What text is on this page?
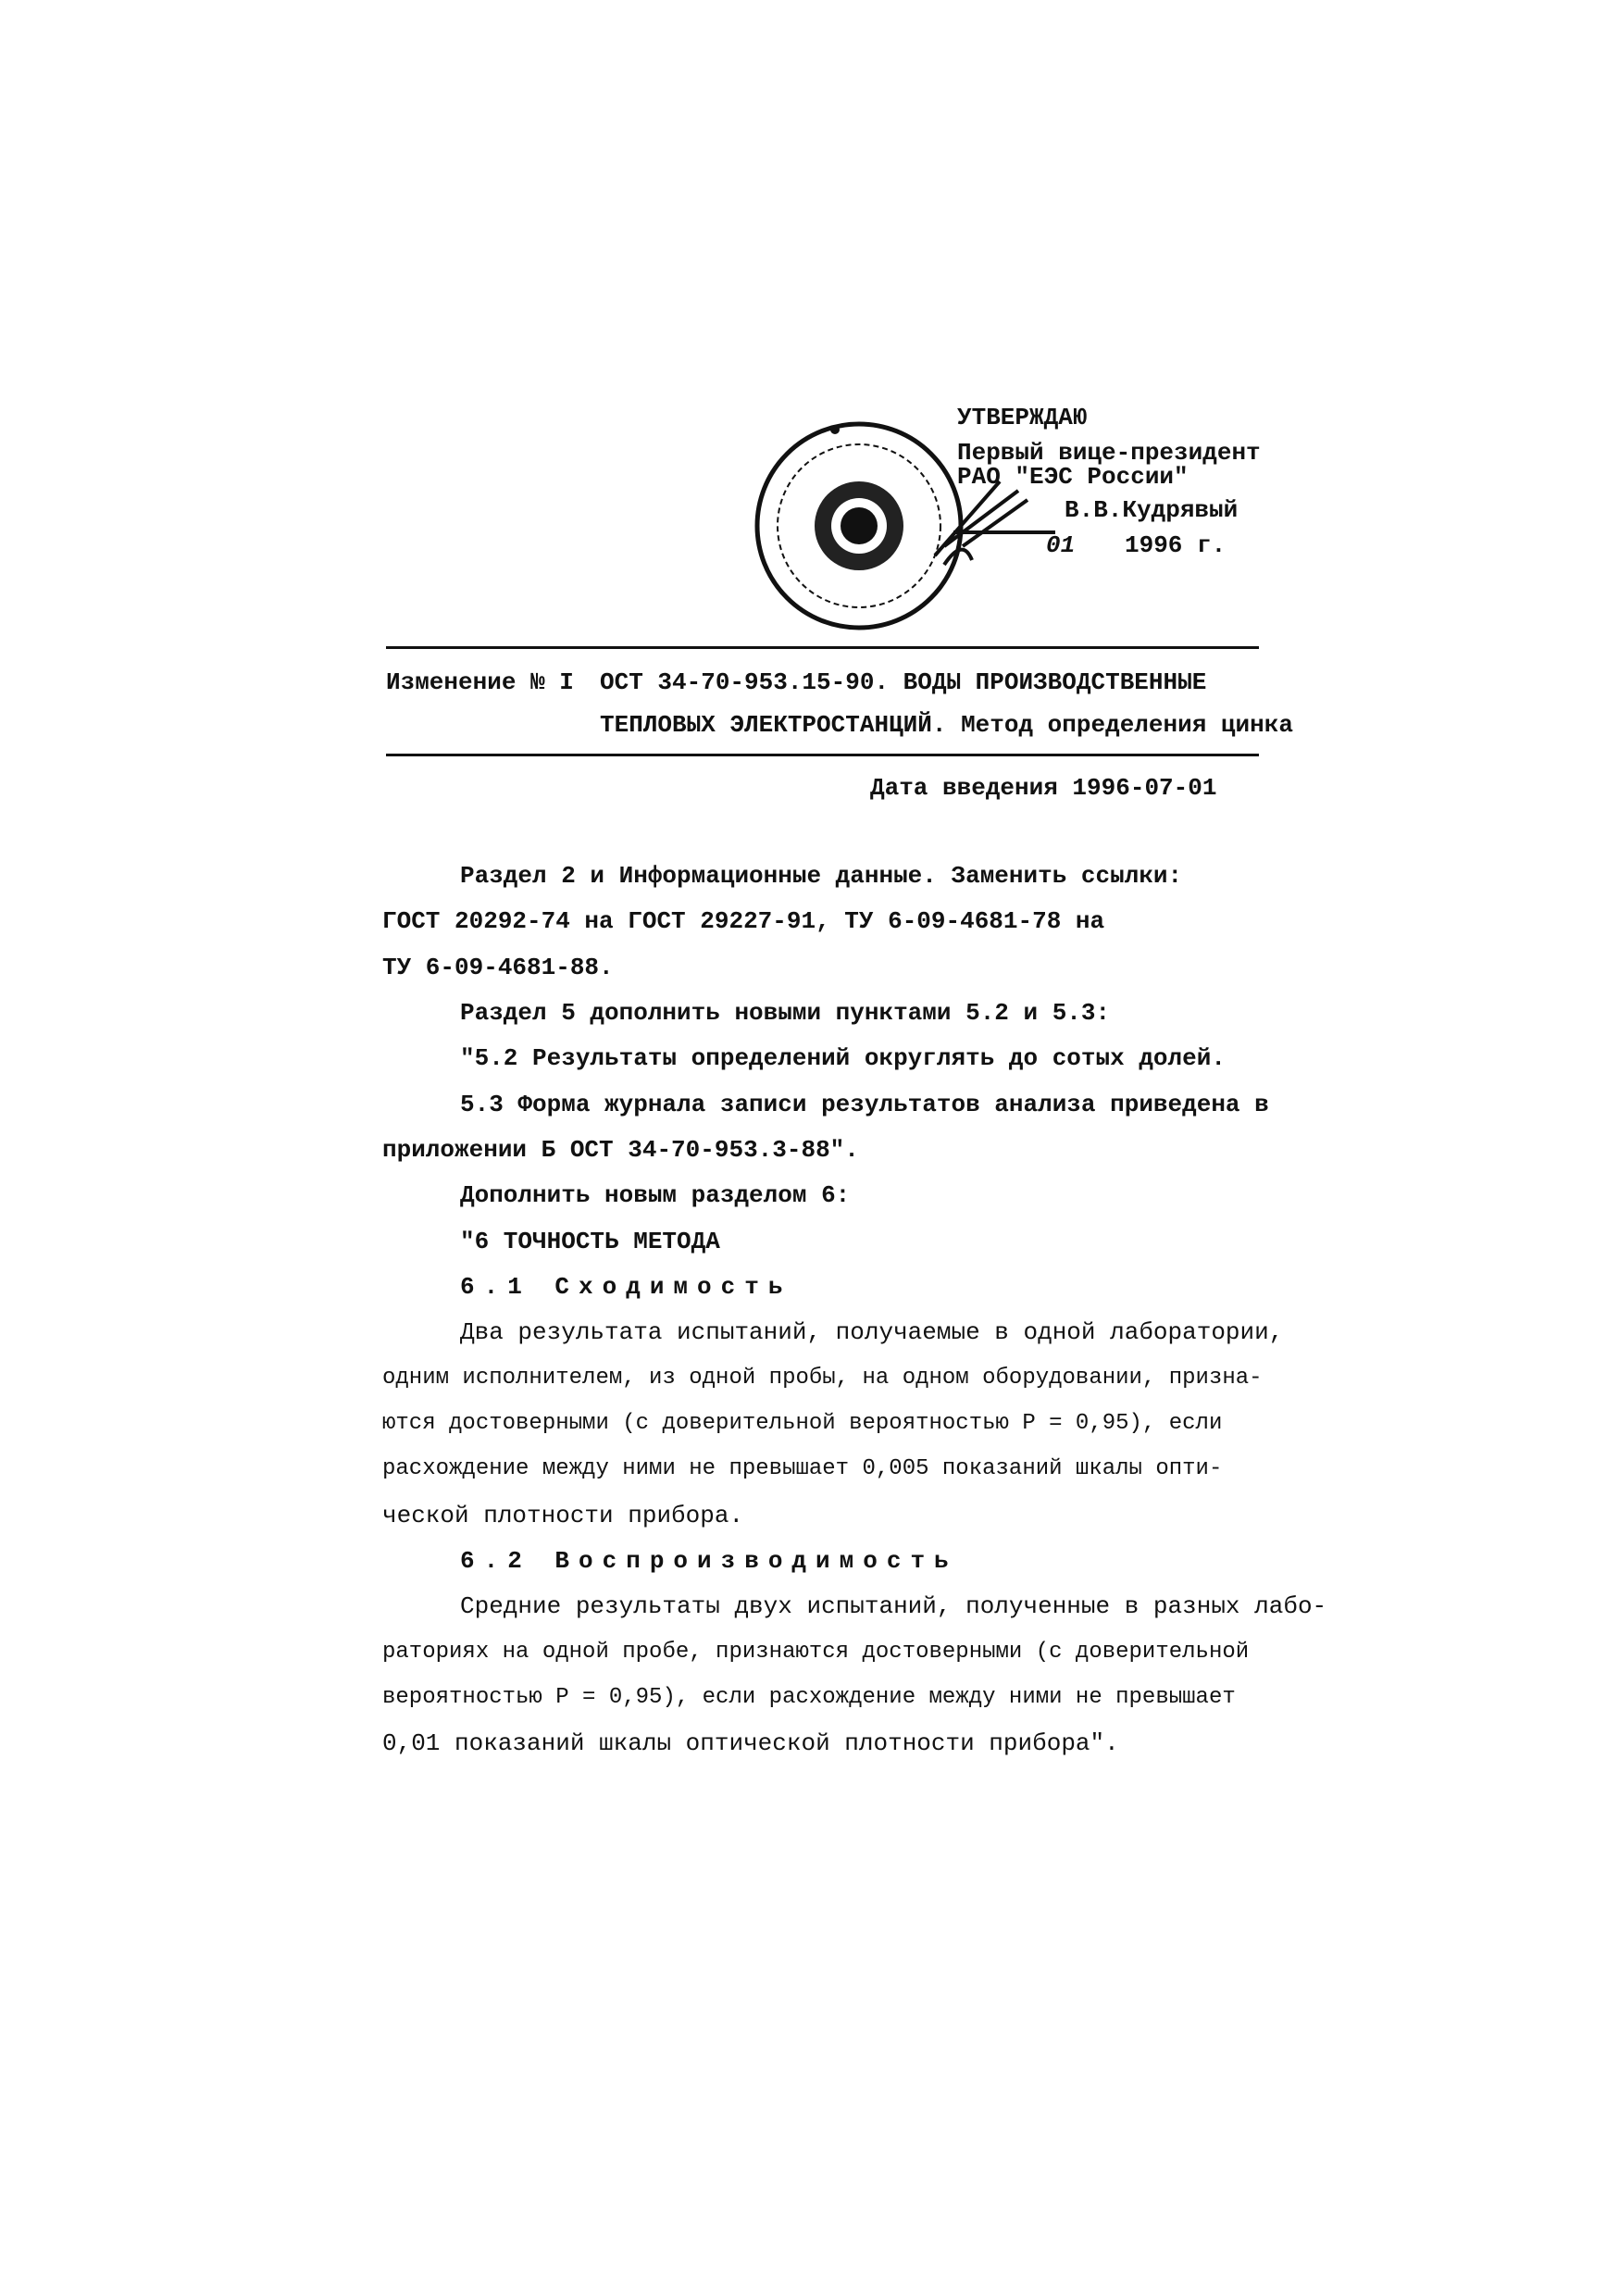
УТВЕРЖДАЮ
Первый вице-президент
РАО "ЕЭС России"
В.В.Кудрявый
01 1996 г.
Изменение № I ОСТ 34-70-953.15-90. ВОДЫ ПРОИЗВОДСТВЕННЫЕ
ТЕПЛОВЫХ ЭЛЕКТРОСТАНЦИЙ. Метод определения цинка
Дата введения 1996-07-01
Раздел 2 и Информационные данные. Заменить ссылки:
ГОСТ 20292-74 на ГОСТ 29227-91, ТУ 6-09-4681-78 на
ТУ 6-09-4681-88.
Раздел 5 дополнить новыми пунктами 5.2 и 5.3:
"5.2 Результаты определений округлять до сотых долей.
5.3 Форма журнала записи результатов анализа приведена в
приложении Б ОСТ 34-70-953.3-88".
Дополнить новым разделом 6:
"6 ТОЧНОСТЬ МЕТОДА
6.1 Сходимость
Два результата испытаний, получаемые в одной лаборатории,
одним исполнителем, из одной пробы, на одном оборудовании, призна-
ются достоверными (с доверительной вероятностью P = 0,95), если
расхождение между ними не превышает 0,005 показаний шкалы опти-
ческой плотности прибора.
6.2 Воспроизводимость
Средние результаты двух испытаний, полученные в разных лабо-
раториях на одной пробе, признаются достоверными (с доверительной
вероятностью P = 0,95), если расхождение между ними не превышает
0,01 показаний шкалы оптической плотности прибора".
